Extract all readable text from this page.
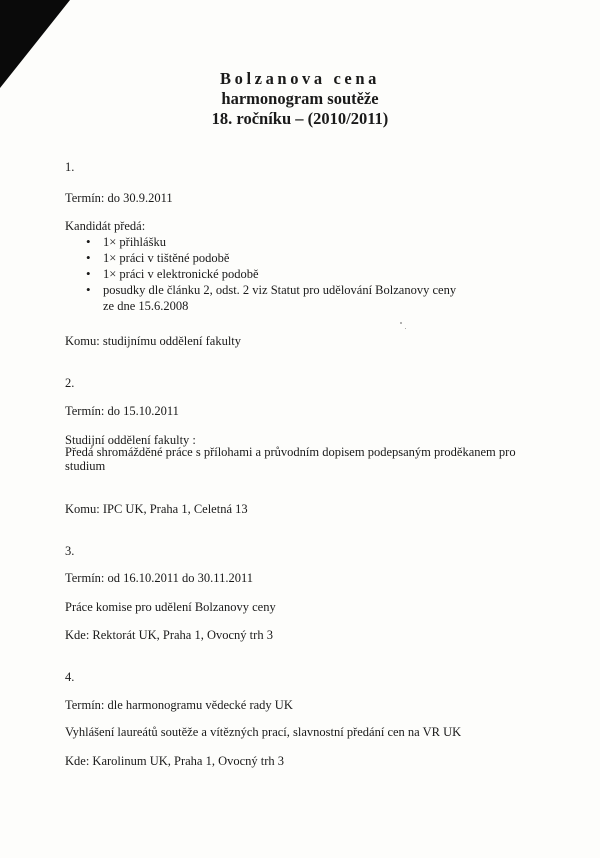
Bolzanova cena
harmonogram soutěže
18. ročníku – (2010/2011)
1.
Termín: do 30.9.2011
Kandidát předá:
• 1× přihlášku
• 1× práci v tištěné podobě
• 1× práci v elektronické podobě
• posudky dle článku 2, odst. 2 viz Statut pro udělování Bolzanovy ceny
ze dne 15.6.2008
Komu: studijnímu oddělení fakulty
2.
Termín: do 15.10.2011
Studijní oddělení fakulty :
Předá shromážděné práce s přílohami a průvodním dopisem podepsaným proděkanem pro
studium
Komu: IPC UK, Praha 1, Celetná 13
3.
Termín: od 16.10.2011 do 30.11.2011
Práce komise pro udělení Bolzanovy ceny
Kde: Rektorát UK, Praha 1, Ovocný trh 3
4.
Termín: dle harmonogramu vědecké rady UK
Vyhlášení laureátů soutěže a vítězných prací, slavnostní předání cen na VR UK
Kde: Karolinum UK, Praha 1, Ovocný trh 3
